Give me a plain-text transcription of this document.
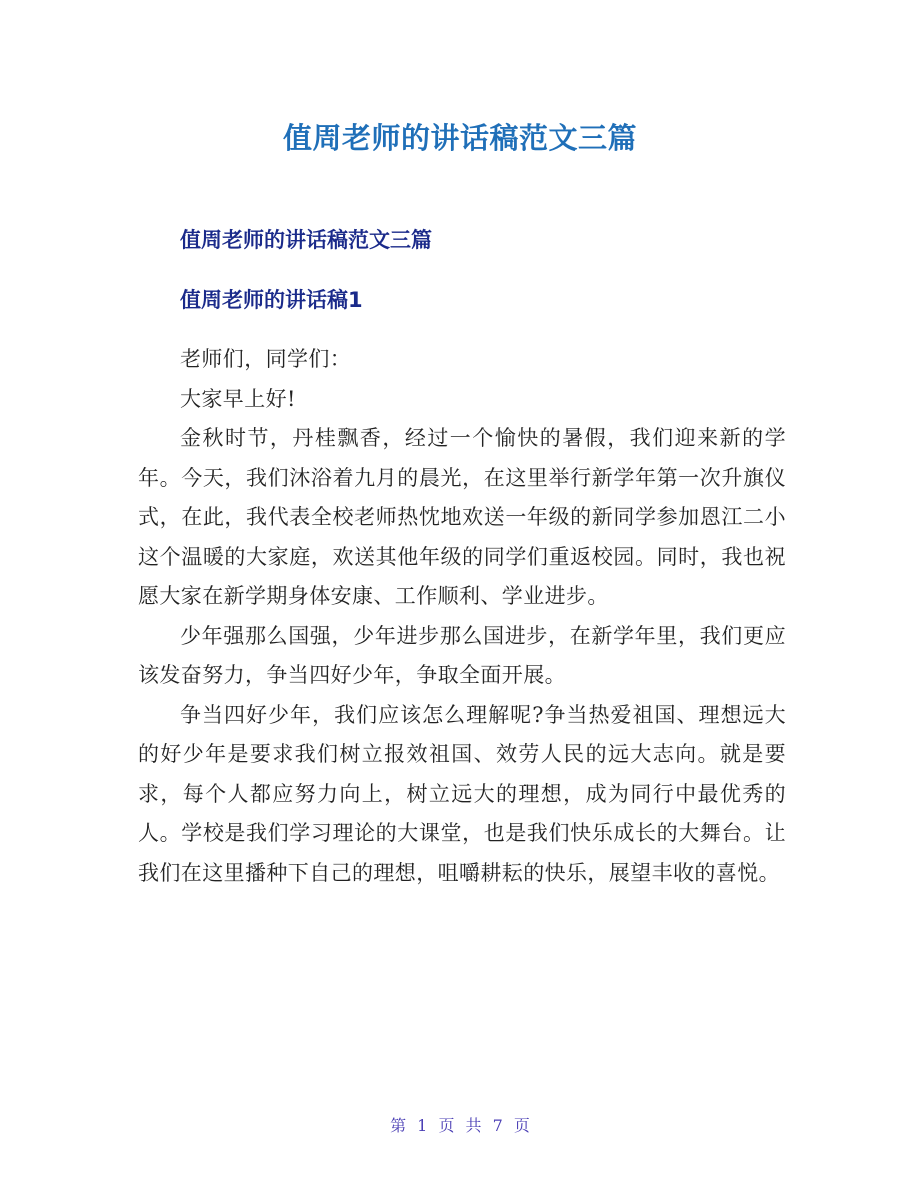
值周老师的讲话稿范文三篇
值周老师的讲话稿范文三篇
值周老师的讲话稿1

老师们，同学们：

大家早上好!

金秋时节，丹桂飘香，经过一个愉快的暑假，我们迎来新的学年。今天，我们沐浴着九月的晨光，在这里举行新学年第一次升旗仪式，在此，我代表全校老师热忱地欢送一年级的新同学参加恩江二小这个温暖的大家庭，欢送其他年级的同学们重返校园。同时，我也祝愿大家在新学期身体安康、工作顺利、学业进步。

少年强那么国强，少年进步那么国进步，在新学年里，我们更应该发奋努力，争当四好少年，争取全面开展。

争当四好少年，我们应该怎么理解呢?争当热爱祖国、理想远大的好少年是要求我们树立报效祖国、效劳人民的远大志向。就是要求，每个人都应努力向上，树立远大的理想，成为同行中最优秀的人。学校是我们学习理论的大课堂，也是我们快乐成长的大舞台。让我们在这里播种下自己的理想，咀嚼耕耘的快乐，展望丰收的喜悦。

第 1 页 共 7 页
